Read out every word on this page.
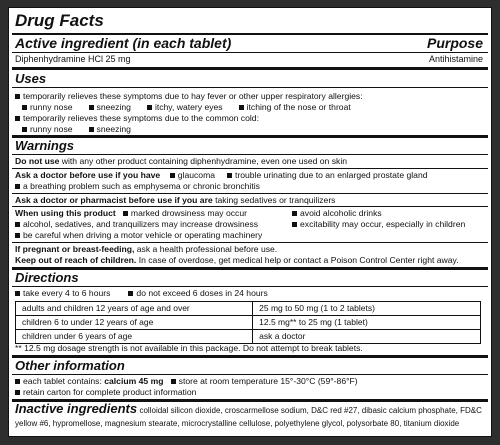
Drug Facts
Active ingredient (in each tablet)	Purpose
Diphenhydramine HCl 25 mg	Antihistamine
Uses
temporarily relieves these symptoms due to hay fever or other upper respiratory allergies:
runny nose	sneezing	itchy, watery eyes	itching of the nose or throat
temporarily relieves these symptoms due to the common cold:
runny nose	sneezing
Warnings
Do not use with any other product containing diphenhydramine, even one used on skin
Ask a doctor before use if you have glaucoma trouble urinating due to an enlarged prostate gland
a breathing problem such as emphysema or chronic bronchitis
Ask a doctor or pharmacist before use if you are taking sedatives or tranquilizers
When using this product marked drowsiness may occur	avoid alcoholic drinks
alcohol, sedatives, and tranquilizers may increase drowsiness	excitability may occur, especially in children
be careful when driving a motor vehicle or operating machinery
If pregnant or breast-feeding, ask a health professional before use.
Keep out of reach of children. In case of overdose, get medical help or contact a Poison Control Center right away.
Directions
take every 4 to 6 hours	do not exceed 6 doses in 24 hours
adults and children 12 years of age and over	25 mg to 50 mg (1 to 2 tablets)
children 6 to under 12 years of age	12.5 mg** to 25 mg (1 tablet)
children under 6 years of age	ask a doctor
** 12.5 mg dosage strength is not available in this package. Do not attempt to break tablets.
Other information
each tablet contains: calcium 45 mg store at room temperature 15°-30°C (59°-86°F)
retain carton for complete product information
Inactive ingredients colloidal silicon dioxide, croscarmellose sodium, D&C red #27, dibasic calcium phosphate, FD&C
yellow #6, hypromellose, magnesium stearate, microcrystalline cellulose, polyethylene glycol, polysorbate 80, titanium dioxide
